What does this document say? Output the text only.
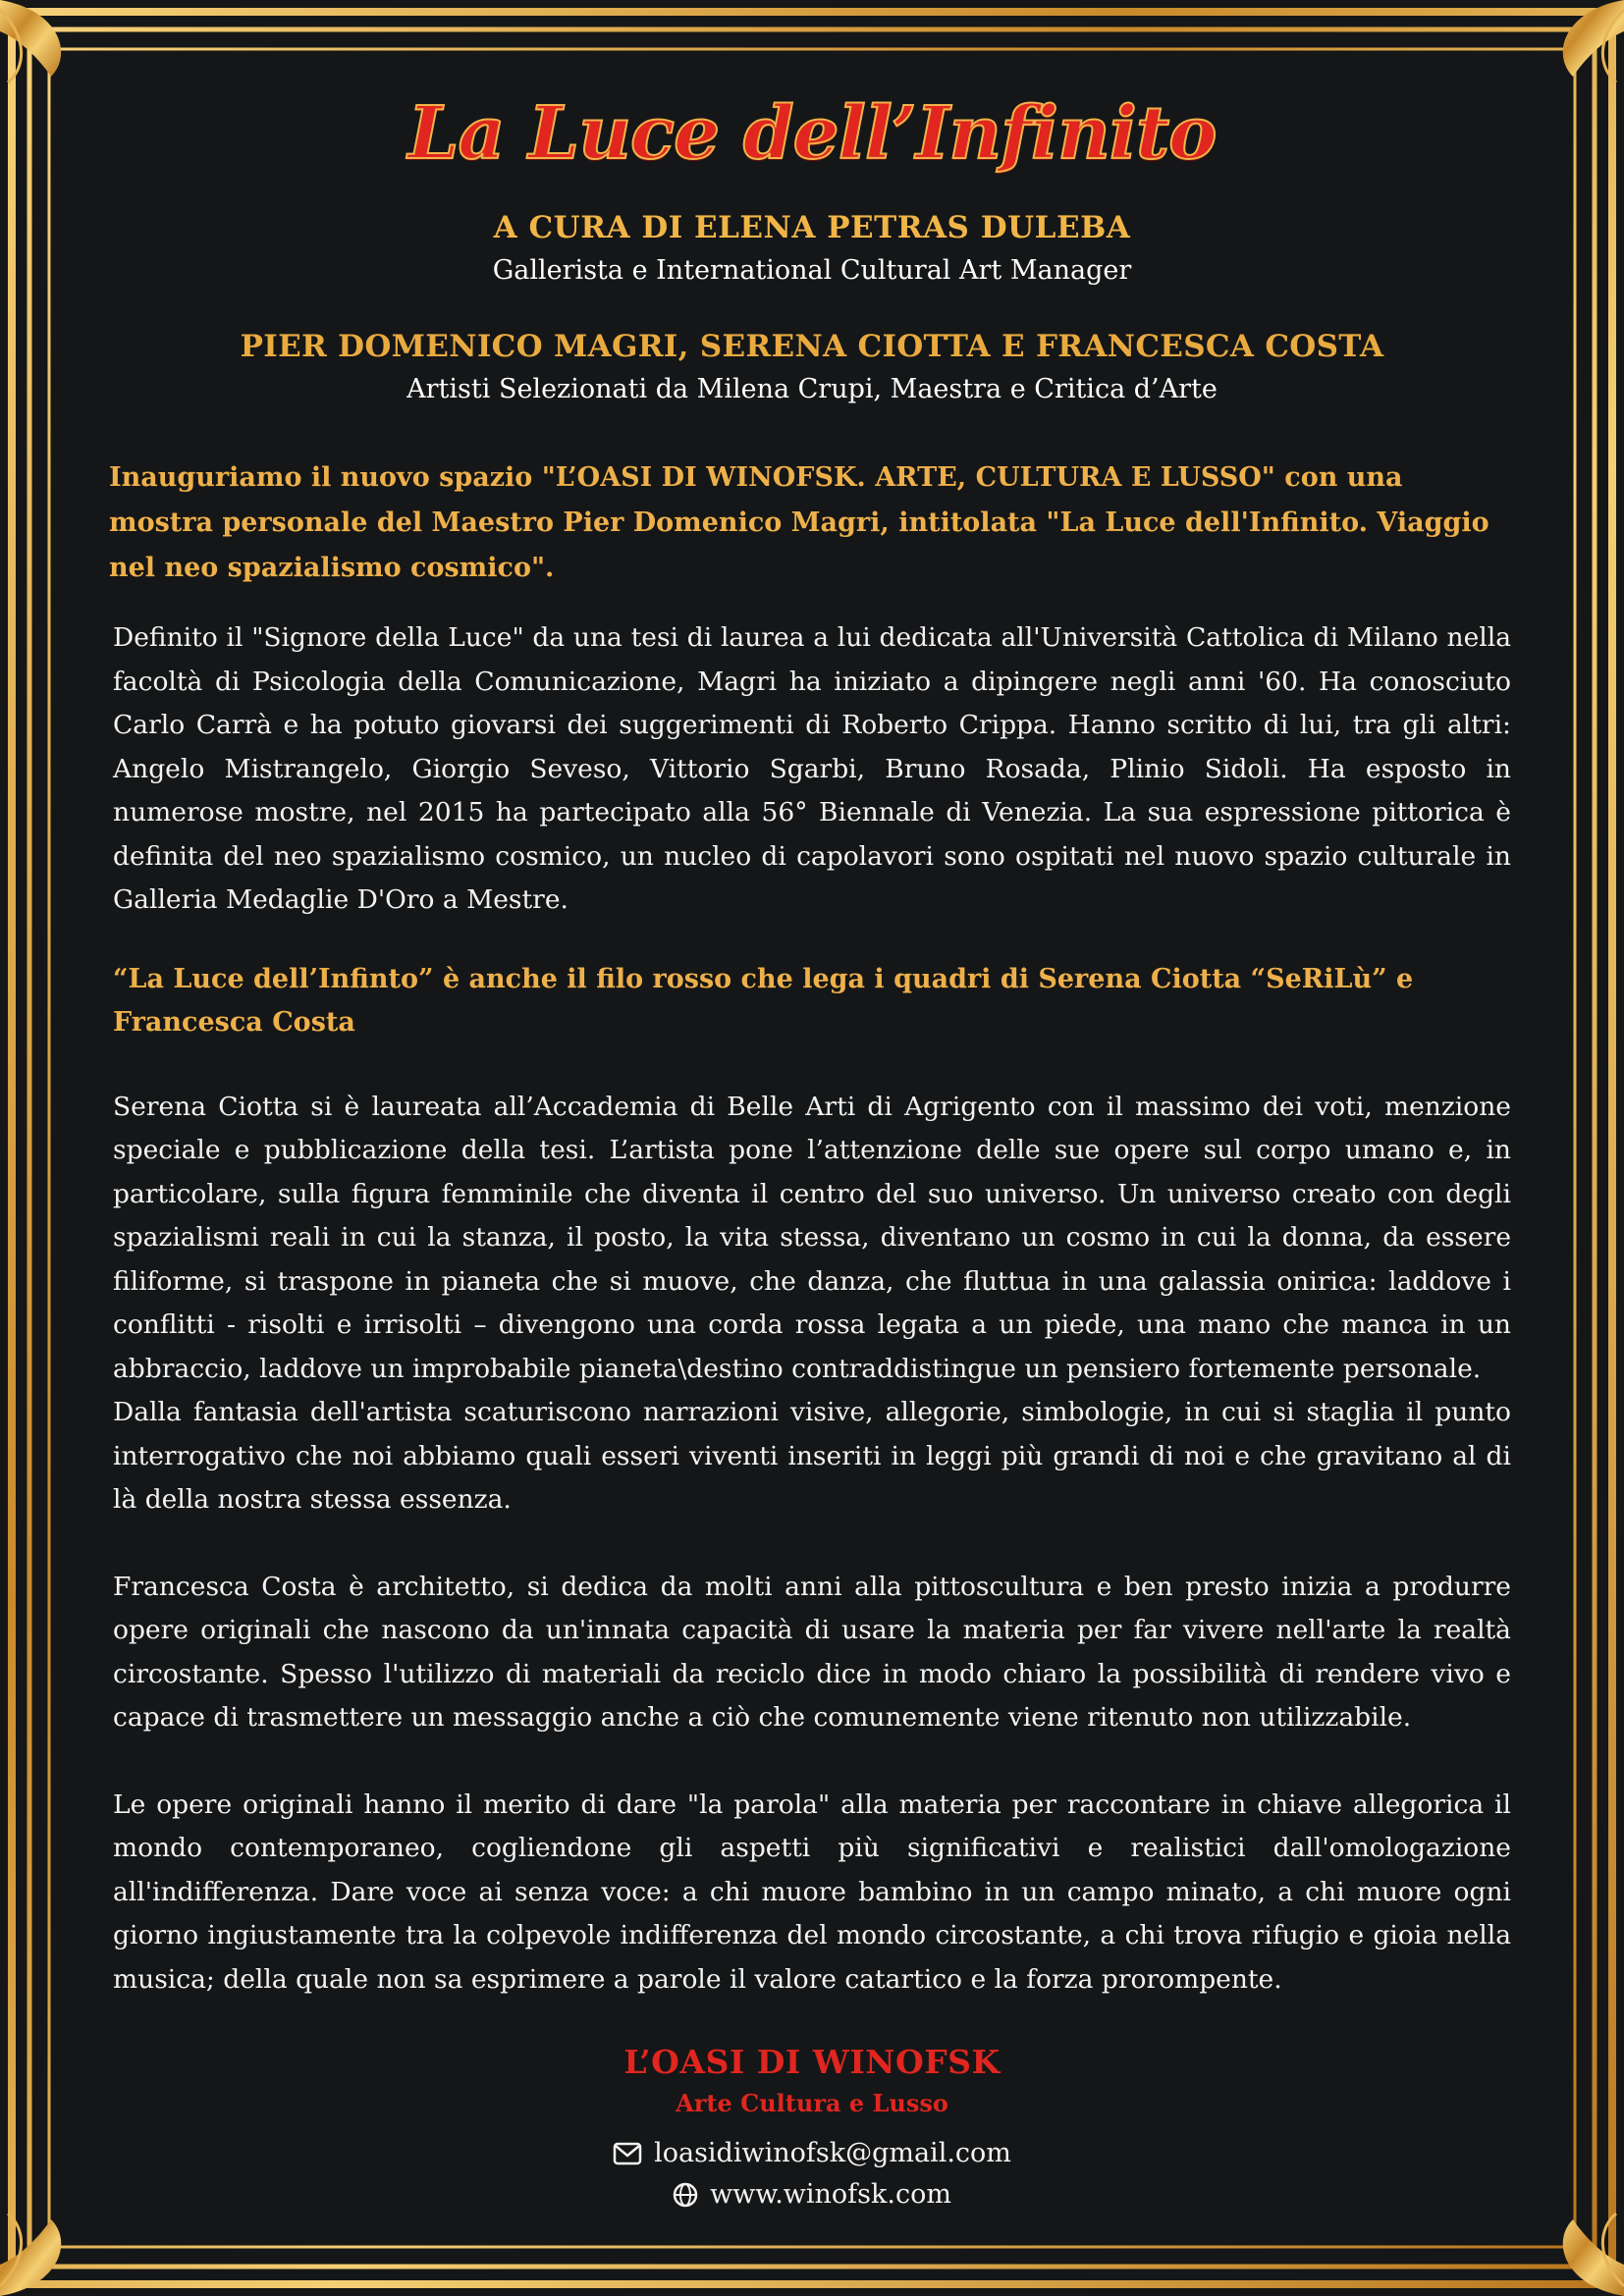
La Luce dell’Infinito
A CURA DI ELENA PETRAS DULEBA
Gallerista e International Cultural Art Manager
PIER DOMENICO MAGRI, SERENA CIOTTA E FRANCESCA COSTA
Artisti Selezionati da Milena Crupi, Maestra e Critica d’Arte
Inauguriamo il nuovo spazio "L’OASI DI WINOFSK. ARTE, CULTURA E LUSSO" con una mostra personale del Maestro Pier Domenico Magri, intitolata "La Luce dell'Infinito. Viaggio nel neo spazialismo cosmico".

Definito il "Signore della Luce" da una tesi di laurea a lui dedicata all'Università Cattolica di Milano nella facoltà di Psicologia della Comunicazione, Magri ha iniziato a dipingere negli anni '60. Ha conosciuto Carlo Carrà e ha potuto giovarsi dei suggerimenti di Roberto Crippa. Hanno scritto di lui, tra gli altri: Angelo Mistrangelo, Giorgio Seveso, Vittorio Sgarbi, Bruno Rosada, Plinio Sidoli. Ha esposto in numerose mostre, nel 2015 ha partecipato alla 56° Biennale di Venezia. La sua espressione pittorica è definita del neo spazialismo cosmico, un nucleo di capolavori sono ospitati nel nuovo spazio culturale in Galleria Medaglie D'Oro a Mestre.

“La Luce dell’Infinto” è anche il filo rosso che lega i quadri di Serena Ciotta “SeRiLù” e Francesca Costa

Serena Ciotta si è laureata all’Accademia di Belle Arti di Agrigento con il massimo dei voti, menzione speciale e pubblicazione della tesi. L’artista pone l’attenzione delle sue opere sul corpo umano e, in particolare, sulla figura femminile che diventa il centro del suo universo. Un universo creato con degli spazialismi reali in cui la stanza, il posto, la vita stessa, diventano un cosmo in cui la donna, da essere filiforme, si traspone in pianeta che si muove, che danza, che fluttua in una galassia onirica: laddove i conflitti - risolti e irrisolti – divengono una corda rossa legata a un piede, una mano che manca in un abbraccio, laddove un improbabile pianeta\destino contraddistingue un pensiero fortemente personale.

Dalla fantasia dell'artista scaturiscono narrazioni visive, allegorie, simbologie, in cui si staglia il punto interrogativo che noi abbiamo quali esseri viventi inseriti in leggi più grandi di noi e che gravitano al di là della nostra stessa essenza.

Francesca Costa è architetto, si dedica da molti anni alla pittoscultura e ben presto inizia a produrre opere originali che nascono da un'innata capacità di usare la materia per far vivere nell'arte la realtà circostante. Spesso l'utilizzo di materiali da reciclo dice in modo chiaro la possibilità di rendere vivo e capace di trasmettere un messaggio anche a ciò che comunemente viene ritenuto non utilizzabile.

Le opere originali hanno il merito di dare "la parola" alla materia per raccontare in chiave allegorica il mondo contemporaneo, cogliendone gli aspetti più significativi e realistici dall'omologazione all'indifferenza. Dare voce ai senza voce: a chi muore bambino in un campo minato, a chi muore ogni giorno ingiustamente tra la colpevole indifferenza del mondo circostante, a chi trova rifugio e gioia nella musica; della quale non sa esprimere a parole il valore catartico e la forza prorompente.

L’OASI DI WINOFSK
Arte Cultura e Lusso
loasidiwinofsk@gmail.com
www.winofsk.com
